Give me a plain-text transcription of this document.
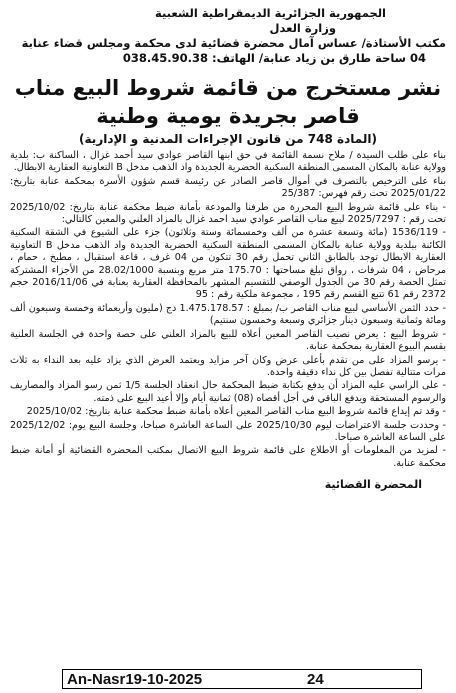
الجمهورية الجزائرية الديمقراطية الشعبية
وزارة العدل
مكتب الأستاذة/ عساس آمال محضرة قضائية لدى محكمة ومجلس قضاء عنابة
04 ساحة طارق بن زياد عنابة/ الهاتف: 038.45.90.38
نشر مستخرج من قائمة شروط البيع مناب قاصر بجريدة يومية وطنية
(المادة 748 من قانون الإجراءات المدنية و الإدارية)

بناء على طلب السيدة / ملاح نسمة القائمة في حق ابنها القاصر عوادي سيد أحمد غزال ، الساكنة ب: بلدية وولاية عنابة بالمكان المسمى المنطقة السكنية الحضرية الجديدة واد الذهب مدخل B التعاونية العقارية الابطال.

بناء على الترخيص بالتصرف في أموال قاصر الصادر عن رئيسة قسم شؤون الأسرة بمحكمة عنابة بتاريخ: 2025/01/22 تحت رقم فهرس: 25/387

- بناء على قائمة شروط البيع المحررة من طرفنا والمودعة بأمانة ضبط محكمة عنابة بتاريخ: 2025/10/02 تحت رقم : 2025/7297 لبيع مناب القاصر عوادي سيد احمد غزال بالمزاد العلني والمعين كالتالي:

- 1536/119 (مائة وتسعة عشرة من ألف وخمسمائة وستة وثلاثون) جزء على الشيوع في الشقة السكنية الكائنة ببلدية وولاية عنابة بالمكان المسمى المنطقة السكنية الحضرية الجديدة واد الذهب مدخل B التعاونية العقارية الابطال توجد بالطابق الثاني تحمل رقم 30 تتكون من 04 غرف ، قاعة استقبال ، مطبخ ، حمام ، مرحاض ، 04 شرفات ، رواق تبلغ مساحتها : 175.70 متر مربع وبنسبة 28.02/1000 من الأجزاء المشتركة تمثل الحصة رقم 30 من الجدول الوصفي للتقسيم المشهر بالمحافظة العقارية بعنابة في 2016/11/06 حجم 2372 رقم 61 تتبع القسم رقم 195 ، مجموعة ملكية رقم : 95

- حدد الثمن الأساسي لبيع مناب القاصر ب/ بمبلغ : 1.475.178.57 دج (مليون وأربعمائة وخمسة وسبعون ألف ومائة وثمانية وسبعون دينار جزائري وسبعة وخمسون سنتيم)

- شروط البيع : يعرض نصيب القاصر المعين أعلاه للبيع بالمزاد العلني على حصة واحدة في الجلسة العلنية بقسم البيوع العقارية بمحكمة عنابة.

- يرسو المزاد على من تقدم بأعلى عرض وكان آخر مزايد ويعتمد العرض الذي يزاد عليه بعد النداء به ثلاث مرات متتالية تفصل بين كل نداء دقيقة واحدة.

- على الراسي عليه المزاد أن يدفع بكتابة ضبط المحكمة حال انعقاد الجلسة 1/5 ثمن رسو المزاد والمصاريف والرسوم المستحقة ويدفع الباقي في أجل أقصاه (08) ثمانية أيام وإلا أعيد البيع على ذمته.

- وقد تم إيداع قائمة شروط البيع مناب القاصر المعين أعلاه بأمانة ضبط محكمة عنابة بتاريخ: 2025/10/02

- وحددت جلسة الاعتراضات ليوم 2025/10/30 على الساعة العاشرة صباحا، وجلسة البيع يوم: 2025/12/02 على الساعة العاشرة صباحا.

- لمزيد من المعلومات أو الاطلاع على قائمة شروط البيع الاتصال بمكتب المحضرة القضائية أو أمانة ضبط محكمة عنابة.

المحضرة القضائية
An-Nasr19-10-2025	24
